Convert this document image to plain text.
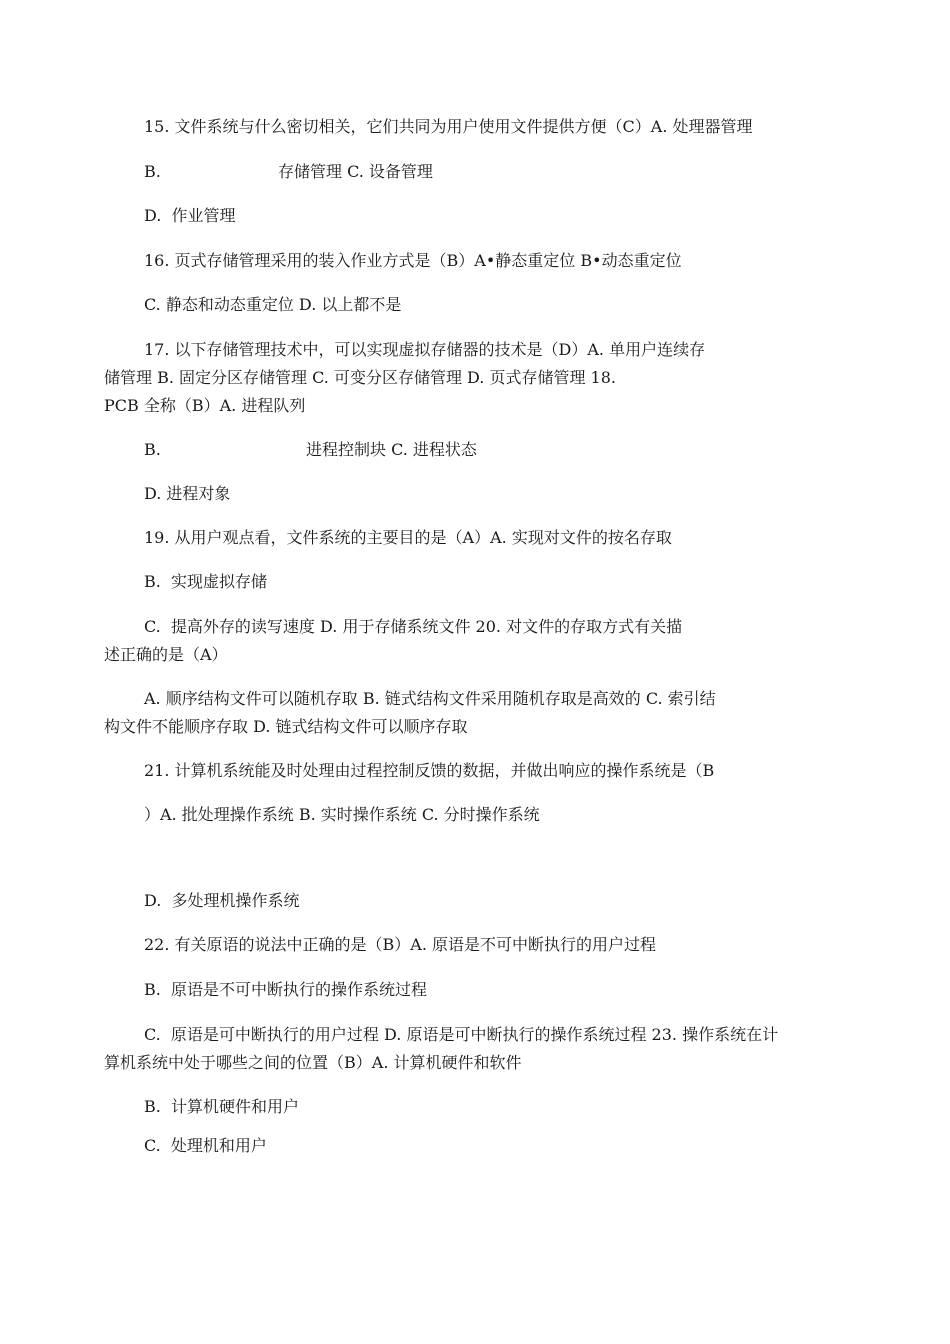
15. 文件系统与什么密切相关，它们共同为用户使用文件提供方便（C）A. 处理器管理
B.	存储管理 C. 设备管理
D.  作业管理
16. 页式存储管理采用的装入作业方式是（B）A•静态重定位 B•动态重定位
C. 静态和动态重定位 D. 以上都不是
17. 以下存储管理技术中，可以实现虚拟存储器的技术是（D）A. 单用户连续存
储管理 B. 固定分区存储管理 C. 可变分区存储管理 D. 页式存储管理 18.
PCB 全称（B）A. 进程队列
B.	进程控制块 C. 进程状态
D. 进程对象
19. 从用户观点看，文件系统的主要目的是（A）A. 实现对文件的按名存取
B.  实现虚拟存储
C.  提高外存的读写速度 D. 用于存储系统文件 20. 对文件的存取方式有关描
述正确的是（A）
A. 顺序结构文件可以随机存取 B. 链式结构文件采用随机存取是高效的 C. 索引结
构文件不能顺序存取 D. 链式结构文件可以顺序存取
21. 计算机系统能及时处理由过程控制反馈的数据，并做出响应的操作系统是（B
）A. 批处理操作系统 B. 实时操作系统 C. 分时操作系统
D.  多处理机操作系统
22. 有关原语的说法中正确的是（B）A. 原语是不可中断执行的用户过程
B.  原语是不可中断执行的操作系统过程
C.  原语是可中断执行的用户过程 D. 原语是可中断执行的操作系统过程 23. 操作系统在计
算机系统中处于哪些之间的位置（B）A. 计算机硬件和软件
B.  计算机硬件和用户
C.  处理机和用户
